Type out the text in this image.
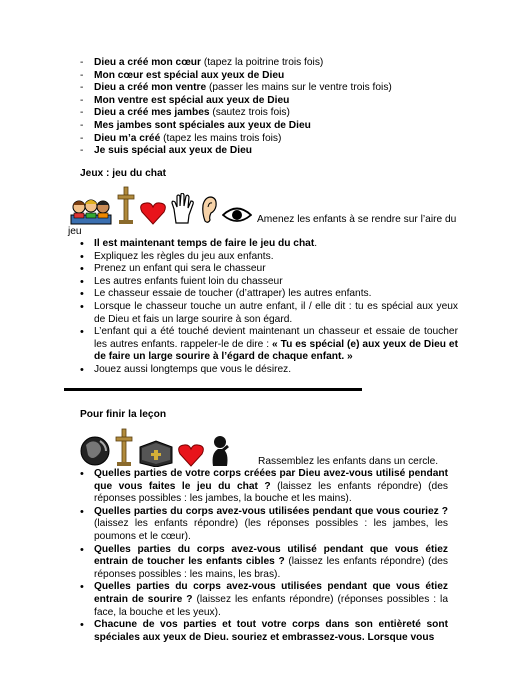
- Dieu a créé mon cœur (tapez la poitrine trois fois)
- Mon cœur est spécial aux yeux de Dieu
- Dieu a créé mon ventre (passer les mains sur le ventre trois fois)
- Mon ventre est spécial aux yeux de Dieu
- Dieu a créé mes jambes (sautez trois fois)
- Mes jambes sont spéciales aux yeux de Dieu
- Dieu m’a créé (tapez les mains trois fois)
- Je suis spécial aux yeux de Dieu
Jeux : jeu du chat
Amenez les enfants à se rendre sur l’aire du
jeu
• Il est maintenant temps de faire le jeu du chat.
• Expliquez les règles du jeu aux enfants.
• Prenez un enfant qui sera le chasseur
• Les autres enfants fuient loin du chasseur
• Le chasseur essaie de toucher (d’attraper) les autres enfants.
• Lorsque le chasseur touche un autre enfant, il / elle dit : tu es spécial aux yeux de Dieu et fais un large sourire à son égard.
• L’enfant qui a été touché devient maintenant un chasseur et essaie de toucher les autres enfants. rappeler-le de dire : « Tu es spécial (e) aux yeux de Dieu et de faire un large sourire à l’égard de chaque enfant. »
• Jouez aussi longtemps que vous le désirez.
Pour finir la leçon
Rassemblez les enfants dans un cercle.
• Quelles parties de votre corps créées par Dieu avez-vous utilisé pendant que vous faites le jeu du chat ? (laissez les enfants répondre) (des réponses possibles : les jambes, la bouche et les mains).
• Quelles parties du corps avez-vous utilisées pendant que vous couriez ? (laissez les enfants répondre) (les réponses possibles : les jambes, les poumons et le cœur).
• Quelles parties du corps avez-vous utilisé pendant que vous étiez entrain de toucher les enfants cibles ? (laissez les enfants répondre) (des réponses possibles : les mains, les bras).
• Quelles parties du corps avez-vous utilisées pendant que vous étiez entrain de sourire ? (laissez les enfants répondre) (réponses possibles : la face, la bouche et les yeux).
• Chacune de vos parties et tout votre corps dans son entièreté sont spéciales aux yeux de Dieu. souriez et embrassez-vous. Lorsque vous
